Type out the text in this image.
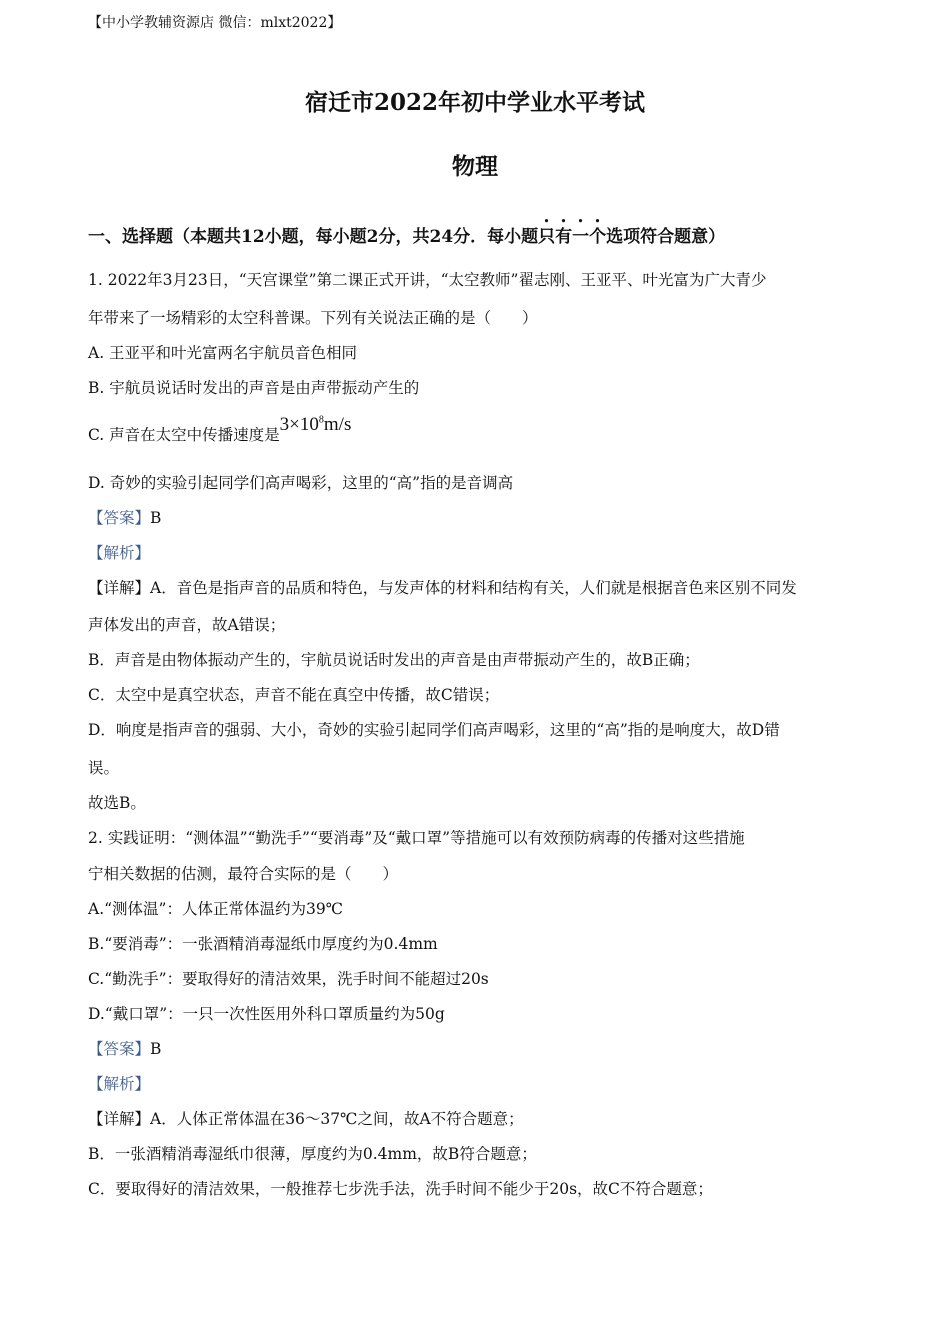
【中小学教辅资源店 微信：mlxt2022】
宿迁市2022年初中学业水平考试
物理
一、选择题（本题共12小题，每小题2分，共24分．每小题只有一个选项符合题意）
1. 2022年3月23日，“天宫课堂”第二课正式开讲，“太空教师”翟志刚、王亚平、叶光富为广大青少
年带来了一场精彩的太空科普课。下列有关说法正确的是（　　）
A. 王亚平和叶光富两名宇航员音色相同
B. 宇航员说话时发出的声音是由声带振动产生的
C. 声音在太空中传播速度是$3\times 10^8m/s$
D. 奇妙的实验引起同学们高声喝彩，这里的“高”指的是音调高
【答案】B
【解析】
【详解】A．音色是指声音的品质和特色，与发声体的材料和结构有关，人们就是根据音色来区别不同发
声体发出的声音，故A错误；
B．声音是由物体振动产生的，宇航员说话时发出的声音是由声带振动产生的，故B正确；
C．太空中是真空状态，声音不能在真空中传播，故C错误；
D．响度是指声音的强弱、大小，奇妙的实验引起同学们高声喝彩，这里的“高”指的是响度大，故D错
误。
故选B。
2. 实践证明：“测体温”“勤洗手”“要消毒”及“戴口罩”等措施可以有效预防病毒的传播对这些措施
宁相关数据的估测，最符合实际的是（　　）
A.“测体温”：人体正常体温约为39℃
B.“要消毒”：一张酒精消毒湿纸巾厚度约为0.4mm
C.“勤洗手”：要取得好的清洁效果，洗手时间不能超过20s
D.“戴口罩”：一只一次性医用外科口罩质量约为50g
【答案】B
【解析】
【详解】A．人体正常体温在36～37℃之间，故A不符合题意；
B．一张酒精消毒湿纸巾很薄，厚度约为0.4mm，故B符合题意；
C．要取得好的清洁效果，一般推荐七步洗手法，洗手时间不能少于20s，故C不符合题意；
